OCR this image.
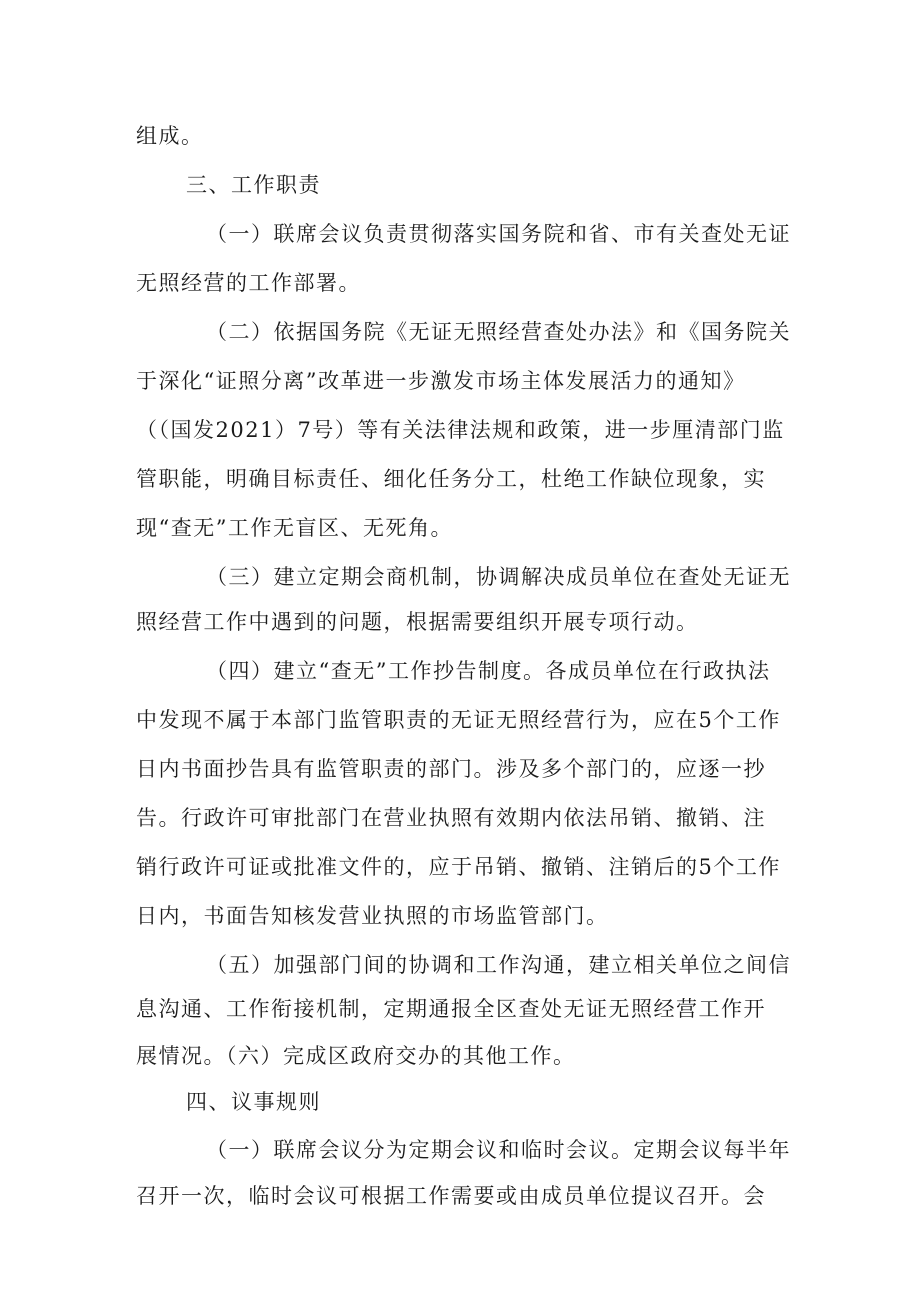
组成。
三、工作职责
（一）联席会议负责贯彻落实国务院和省、市有关查处无证
无照经营的工作部署。
（二）依据国务院《无证无照经营查处办法》和《国务院关
于深化“证照分离”改革进一步激发市场主体发展活力的通知》
（（国发2021）7号）等有关法律法规和政策，进一步厘清部门监
管职能，明确目标责任、细化任务分工，杜绝工作缺位现象，实
现“查无”工作无盲区、无死角。
（三）建立定期会商机制，协调解决成员单位在查处无证无
照经营工作中遇到的问题，根据需要组织开展专项行动。
（四）建立“查无”工作抄告制度。各成员单位在行政执法
中发现不属于本部门监管职责的无证无照经营行为，应在5个工作
日内书面抄告具有监管职责的部门。涉及多个部门的，应逐一抄
告。行政许可审批部门在营业执照有效期内依法吊销、撤销、注
销行政许可证或批准文件的，应于吊销、撤销、注销后的5个工作
日内，书面告知核发营业执照的市场监管部门。
（五）加强部门间的协调和工作沟通，建立相关单位之间信
息沟通、工作衔接机制，定期通报全区查处无证无照经营工作开
展情况。（六）完成区政府交办的其他工作。
四、议事规则
（一）联席会议分为定期会议和临时会议。定期会议每半年
召开一次，临时会议可根据工作需要或由成员单位提议召开。会
